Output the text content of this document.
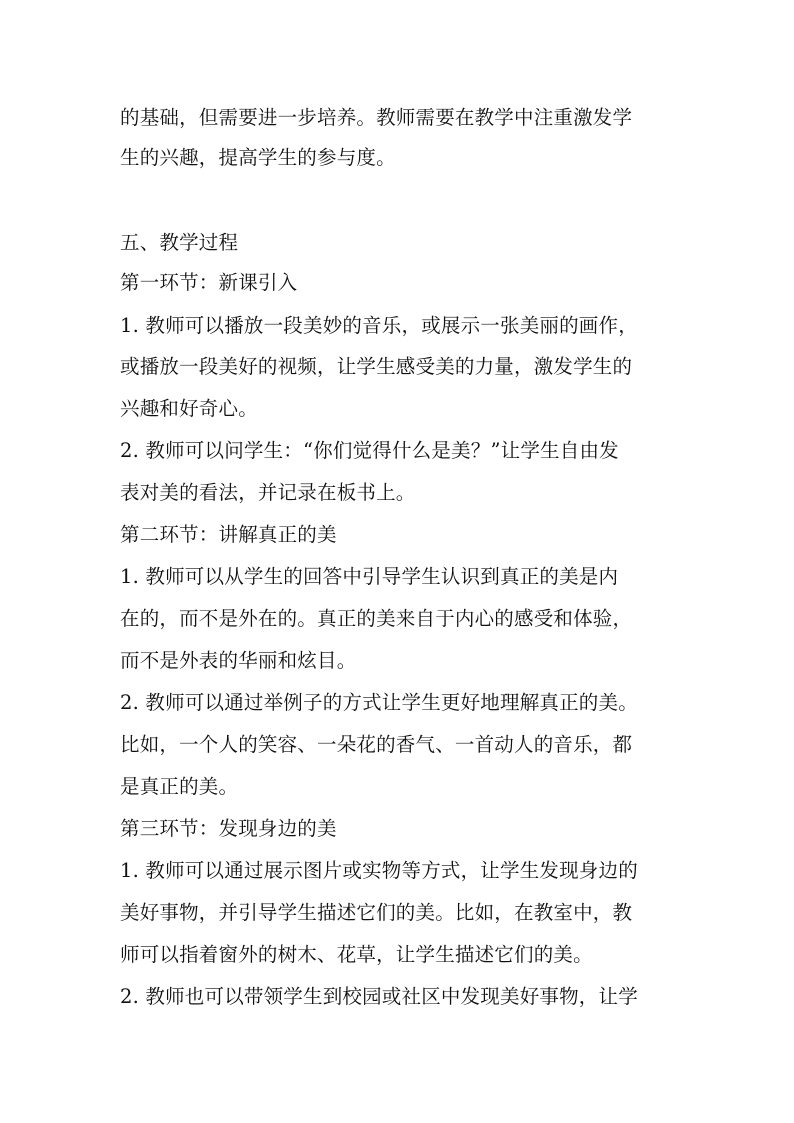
的基础，但需要进一步培养。教师需要在教学中注重激发学
生的兴趣，提高学生的参与度。
五、教学过程
第一环节：新课引入
1. 教师可以播放一段美妙的音乐，或展示一张美丽的画作，
或播放一段美好的视频，让学生感受美的力量，激发学生的
兴趣和好奇心。
2. 教师可以问学生：“你们觉得什么是美？”让学生自由发
表对美的看法，并记录在板书上。
第二环节：讲解真正的美
1. 教师可以从学生的回答中引导学生认识到真正的美是内
在的，而不是外在的。真正的美来自于内心的感受和体验，
而不是外表的华丽和炫目。
2. 教师可以通过举例子的方式让学生更好地理解真正的美。
比如，一个人的笑容、一朵花的香气、一首动人的音乐，都
是真正的美。
第三环节：发现身边的美
1. 教师可以通过展示图片或实物等方式，让学生发现身边的
美好事物，并引导学生描述它们的美。比如，在教室中，教
师可以指着窗外的树木、花草，让学生描述它们的美。
2. 教师也可以带领学生到校园或社区中发现美好事物，让学
